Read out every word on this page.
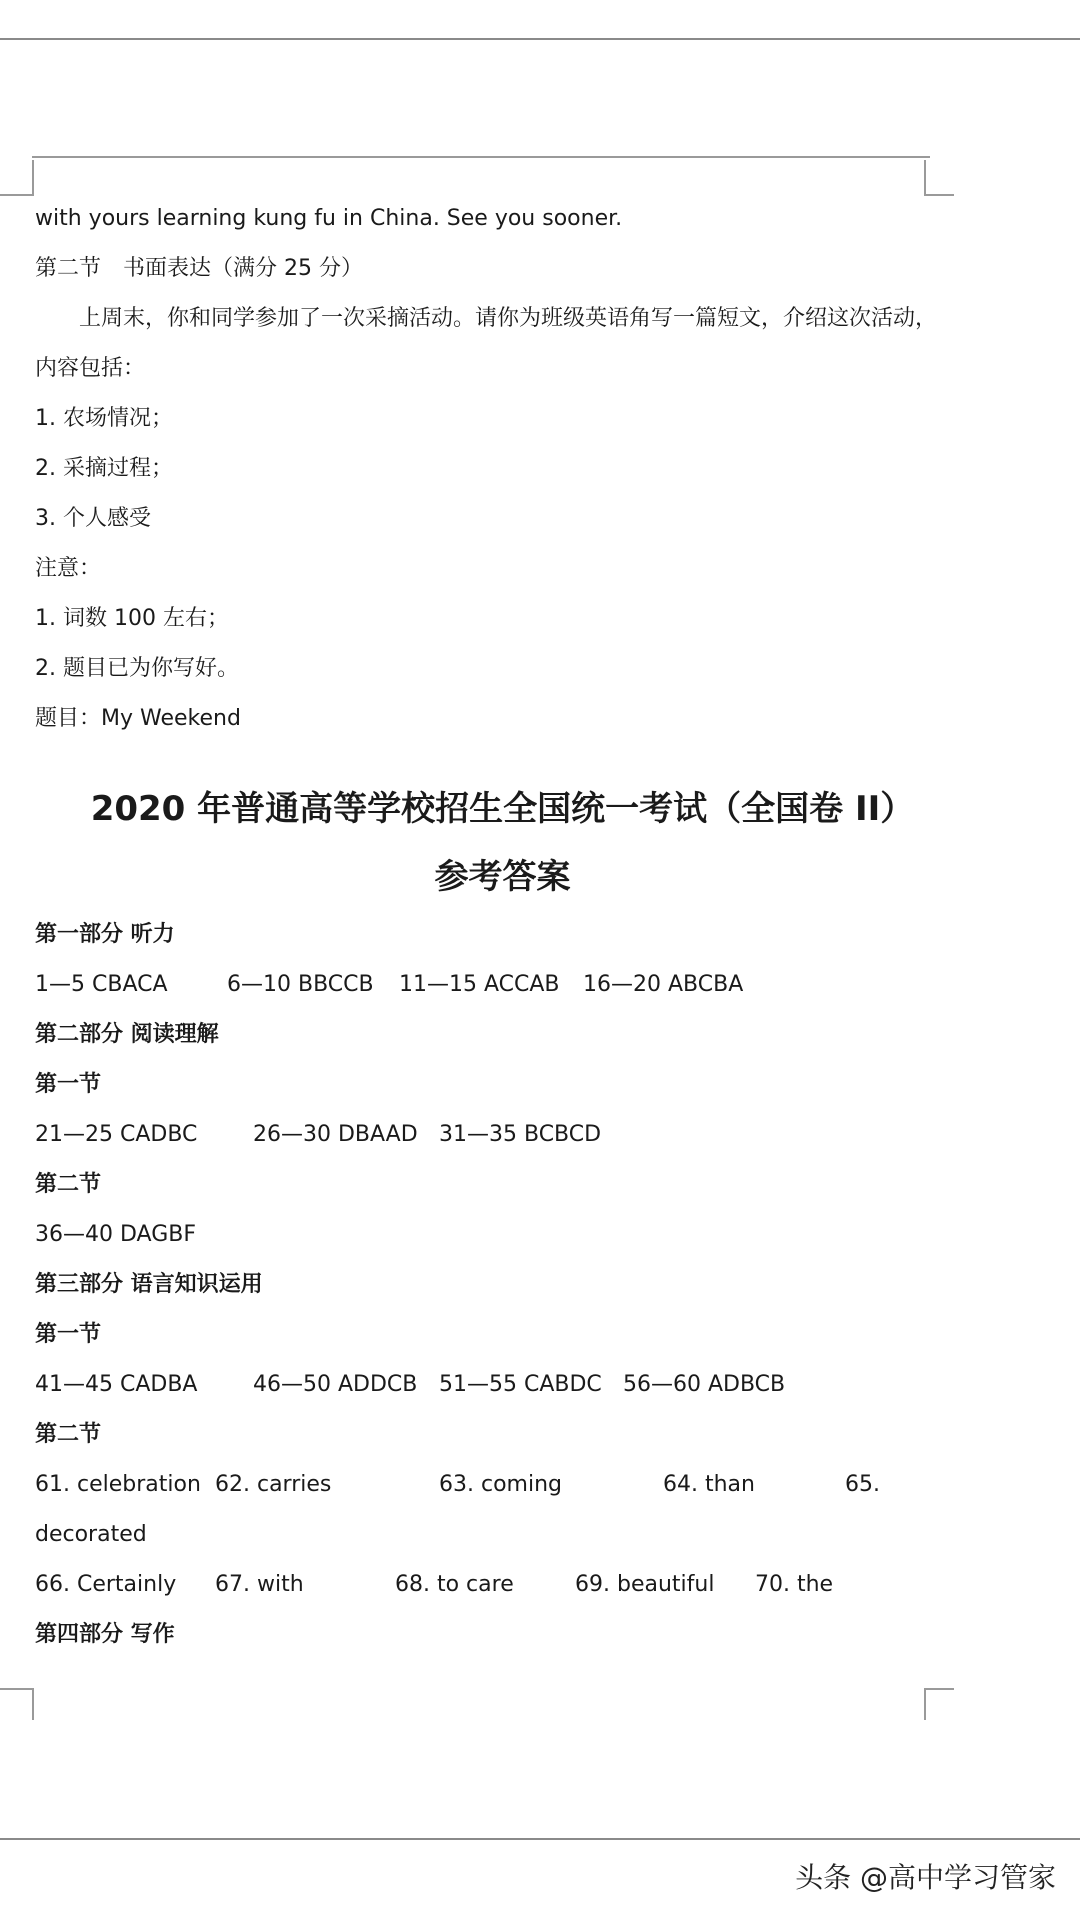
with yours learning kung fu in China. See you sooner.
第二节　书面表达（满分 25 分）
上周末，你和同学参加了一次采摘活动。请你为班级英语角写一篇短文，介绍这次活动，
内容包括：
1. 农场情况；
2. 采摘过程；
3. 个人感受
注意：
1. 词数 100 左右；
2. 题目已为你写好。
题目：My Weekend
2020 年普通高等学校招生全国统一考试（全国卷 II）
参考答案
第一部分 听力
1—5 CBACA	6—10 BBCCB 11—15 ACCAB 16—20 ABCBA
第二部分 阅读理解
第一节
21—25 CADBC	26—30 DBAAD 31—35 BCBCD
第二节
36—40 DAGBF
第三部分 语言知识运用
第一节
41—45 CADBA	46—50 ADDCB 51—55 CABDC 56—60 ADBCB
第二节
61. celebration 62. carries	63. coming	64. than	65.
decorated
66. Certainly 67. with	68. to care	69. beautiful 70. the
第四部分 写作
头条 @高中学习管家
